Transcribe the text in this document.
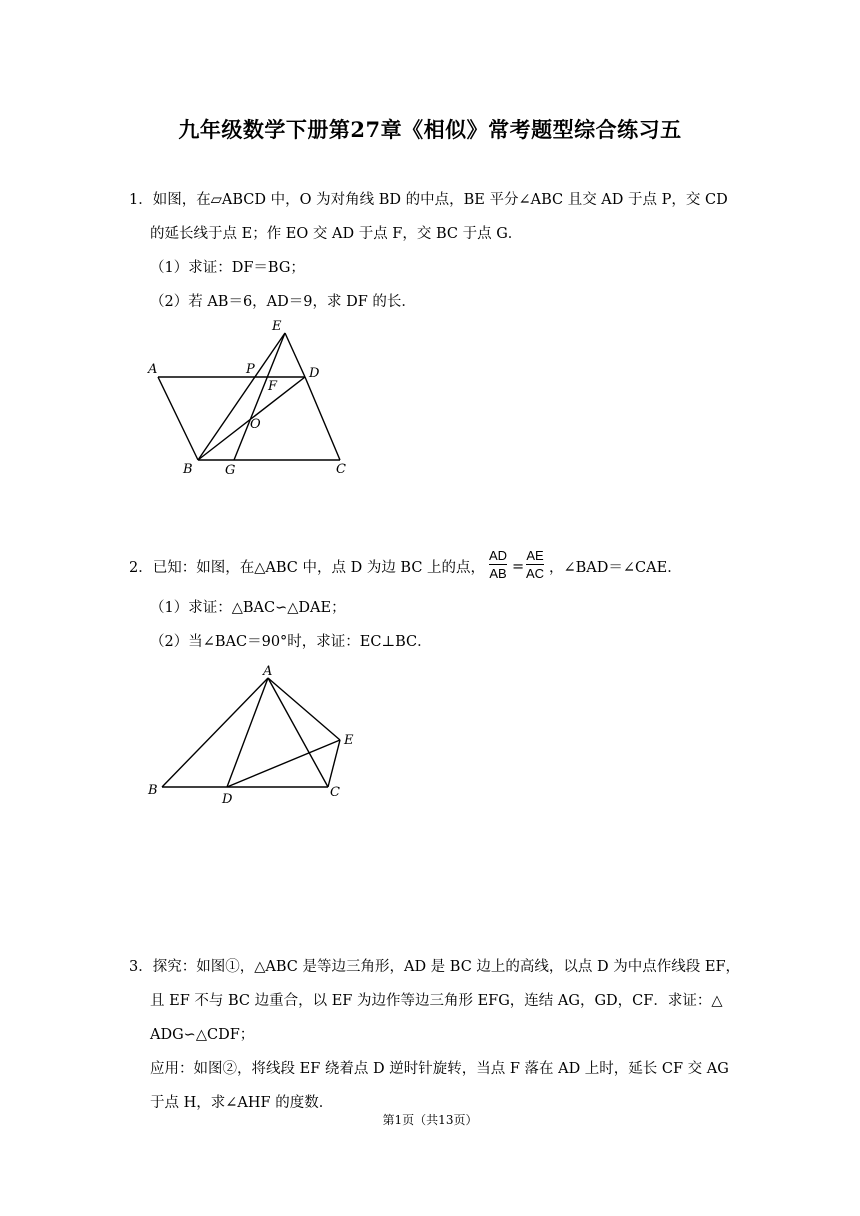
九年级数学下册第27章《相似》常考题型综合练习五
1．如图，在▱ABCD 中，O 为对角线 BD 的中点，BE 平分∠ABC 且交 AD 于点 P，交 CD
的延长线于点 E；作 EO 交 AD 于点 F，交 BC 于点 G．
（1）求证：DF＝BG；
（2）若 AB＝6，AD＝9，求 DF 的长．
E
A	P	D
F
O
B G	C
2．已知：如图，在△ABC 中，点 D 为边 BC 上的点，
AD
AB =
AE
AC ，∠BAD＝∠CAE．
（1）求证：△BAC∽△DAE；
（2）当∠BAC＝90°时，求证：EC⊥BC．
A
E
B
D	C
3．探究：如图①，△ABC 是等边三角形，AD 是 BC 边上的高线，以点 D 为中点作线段 EF，
且 EF 不与 BC 边重合，以 EF 为边作等边三角形 EFG，连结 AG，GD，CF．求证：△
ADG∽△CDF；
应用：如图②，将线段 EF 绕着点 D 逆时针旋转，当点 F 落在 AD 上时，延长 CF 交 AG
于点 H，求∠AHF 的度数．
第1页（共13页）
